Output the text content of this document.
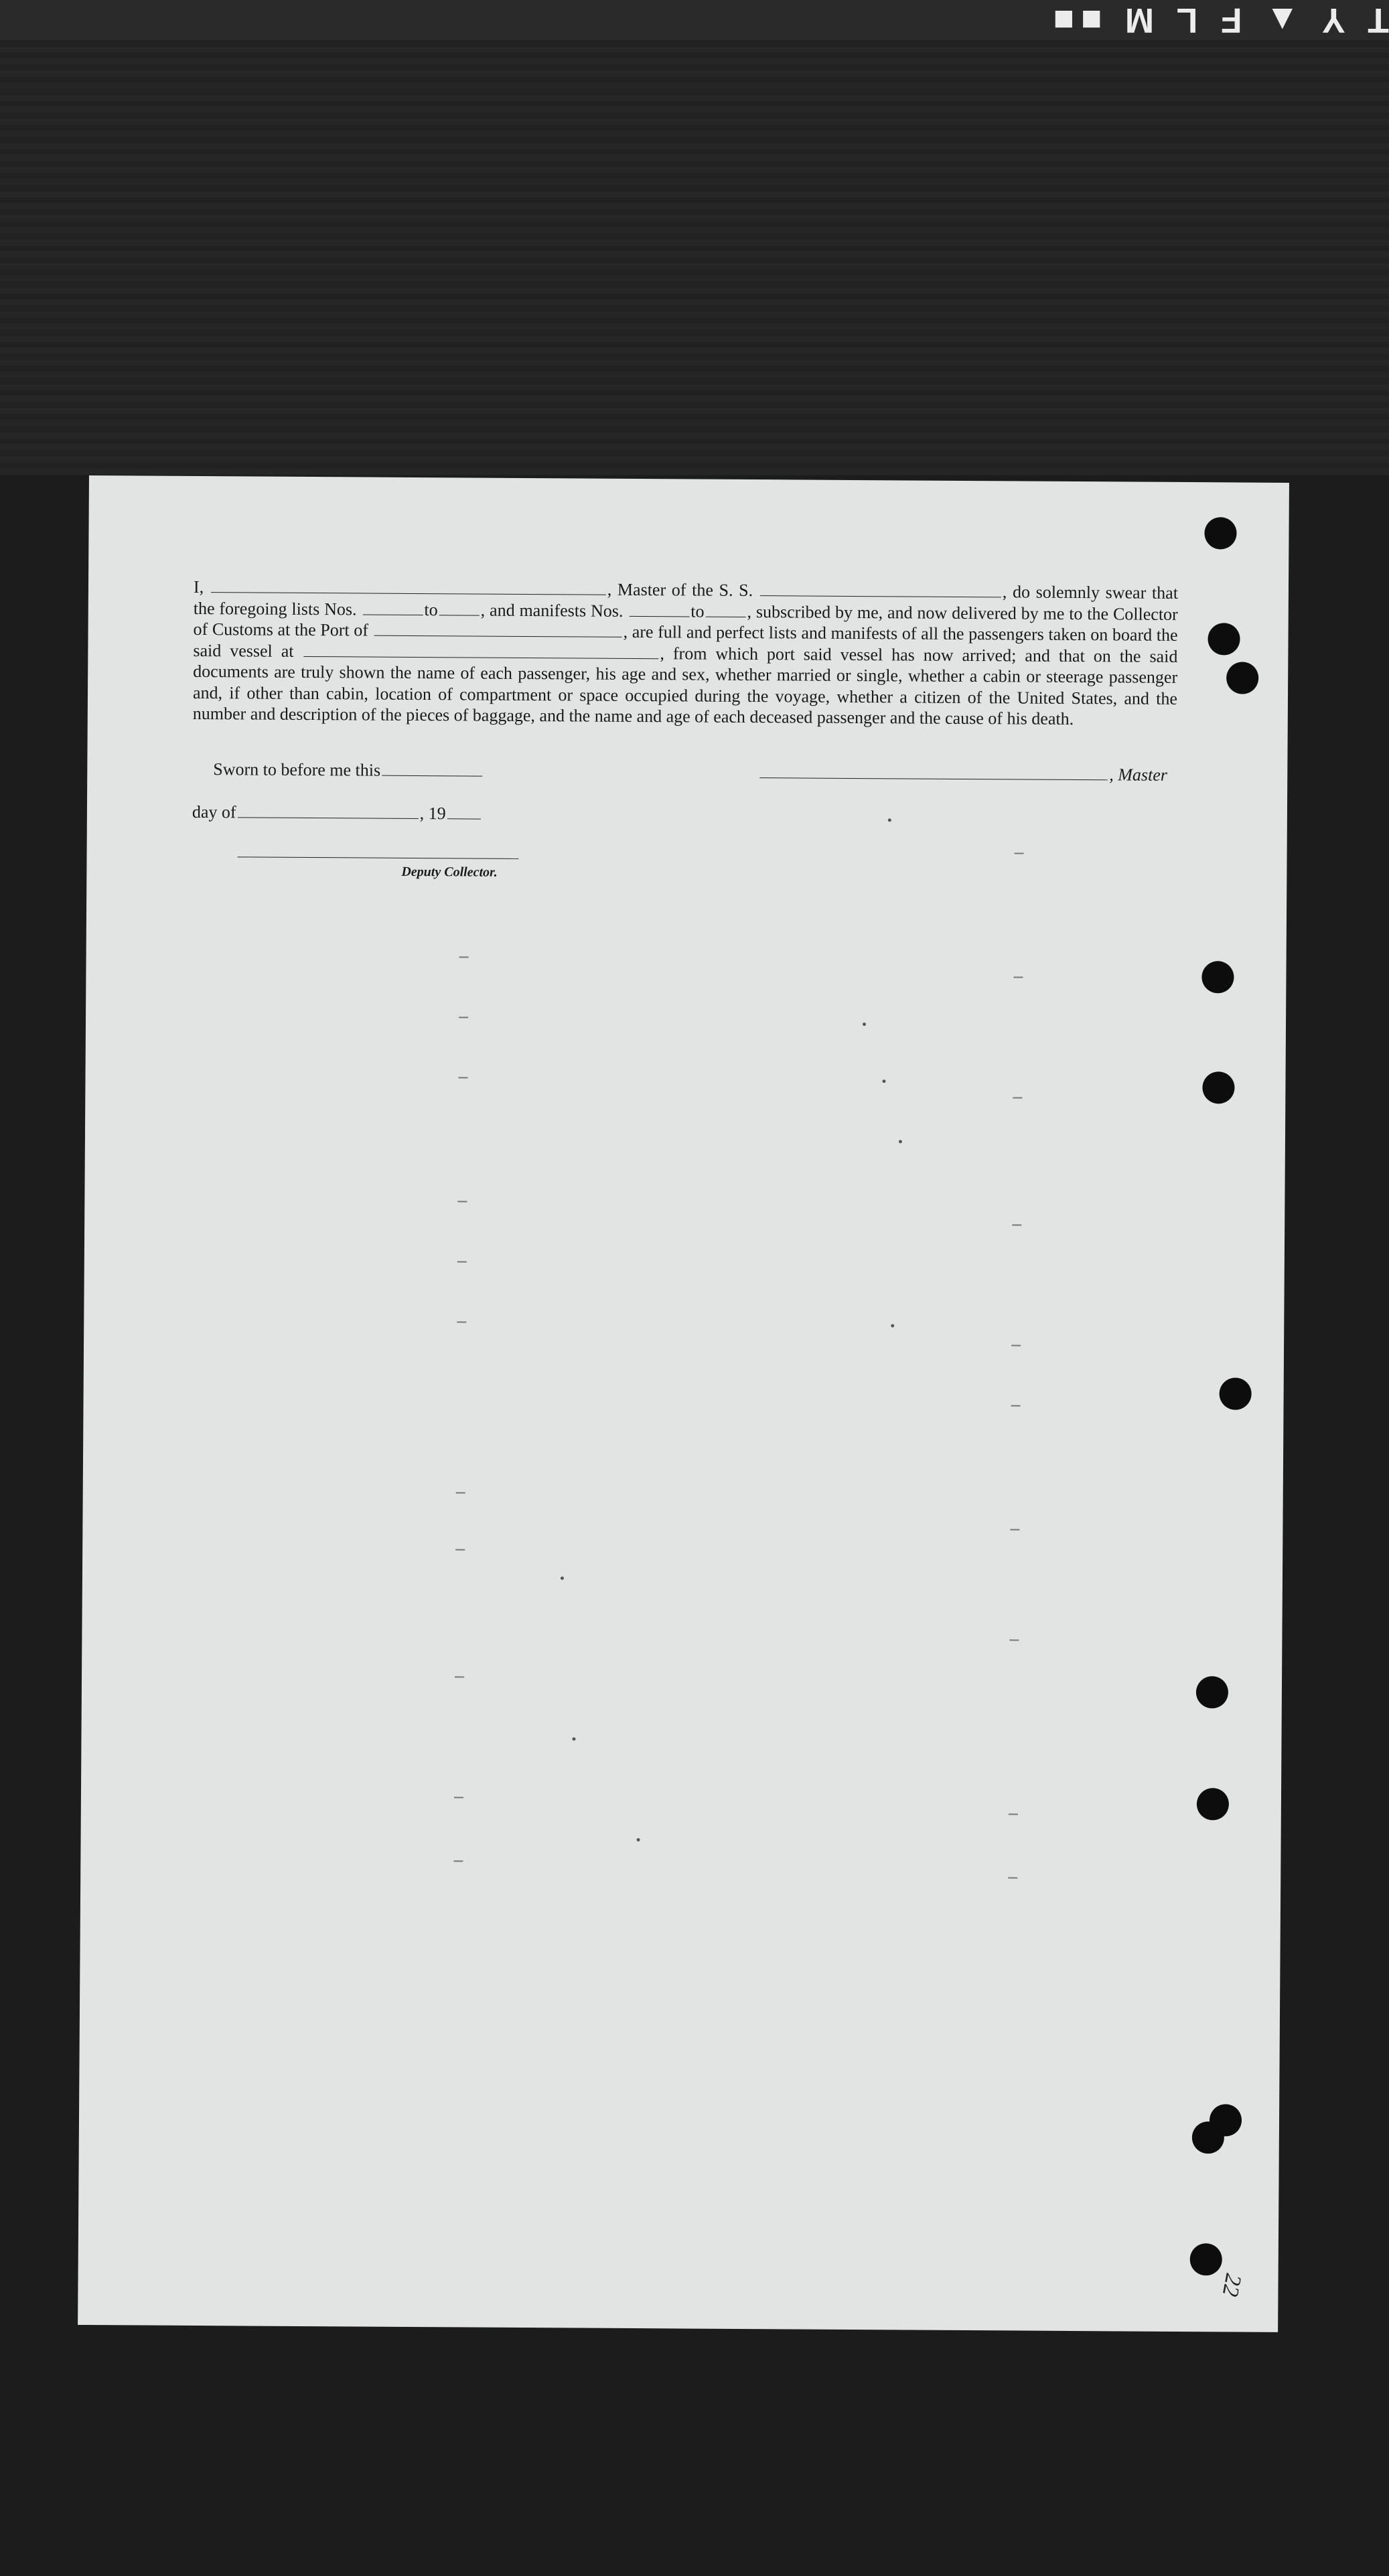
T Y ▲ F L M ■■
I,	, Master of the S. S.	, do solemnly swear that the foregoing lists Nos.	to , and manifests Nos.	to , subscribed by me, and now delivered by me to the Collector of Customs at the Port of	, are full and perfect lists and manifests of all the passengers taken on board the said vessel at	, from which port said vessel has now arrived; and that on the said documents are truly shown the name of each passenger, his age and sex, whether married or single, whether a cabin or steerage passenger and, if other than cabin, location of compartment or space occupied during the voyage, whether a citizen of the United States, and the number and description of the pieces of baggage, and the name and age of each deceased passenger and the cause of his death.
Sworn to before me this	, Master
day of	, 19
Deputy Collector.
22
